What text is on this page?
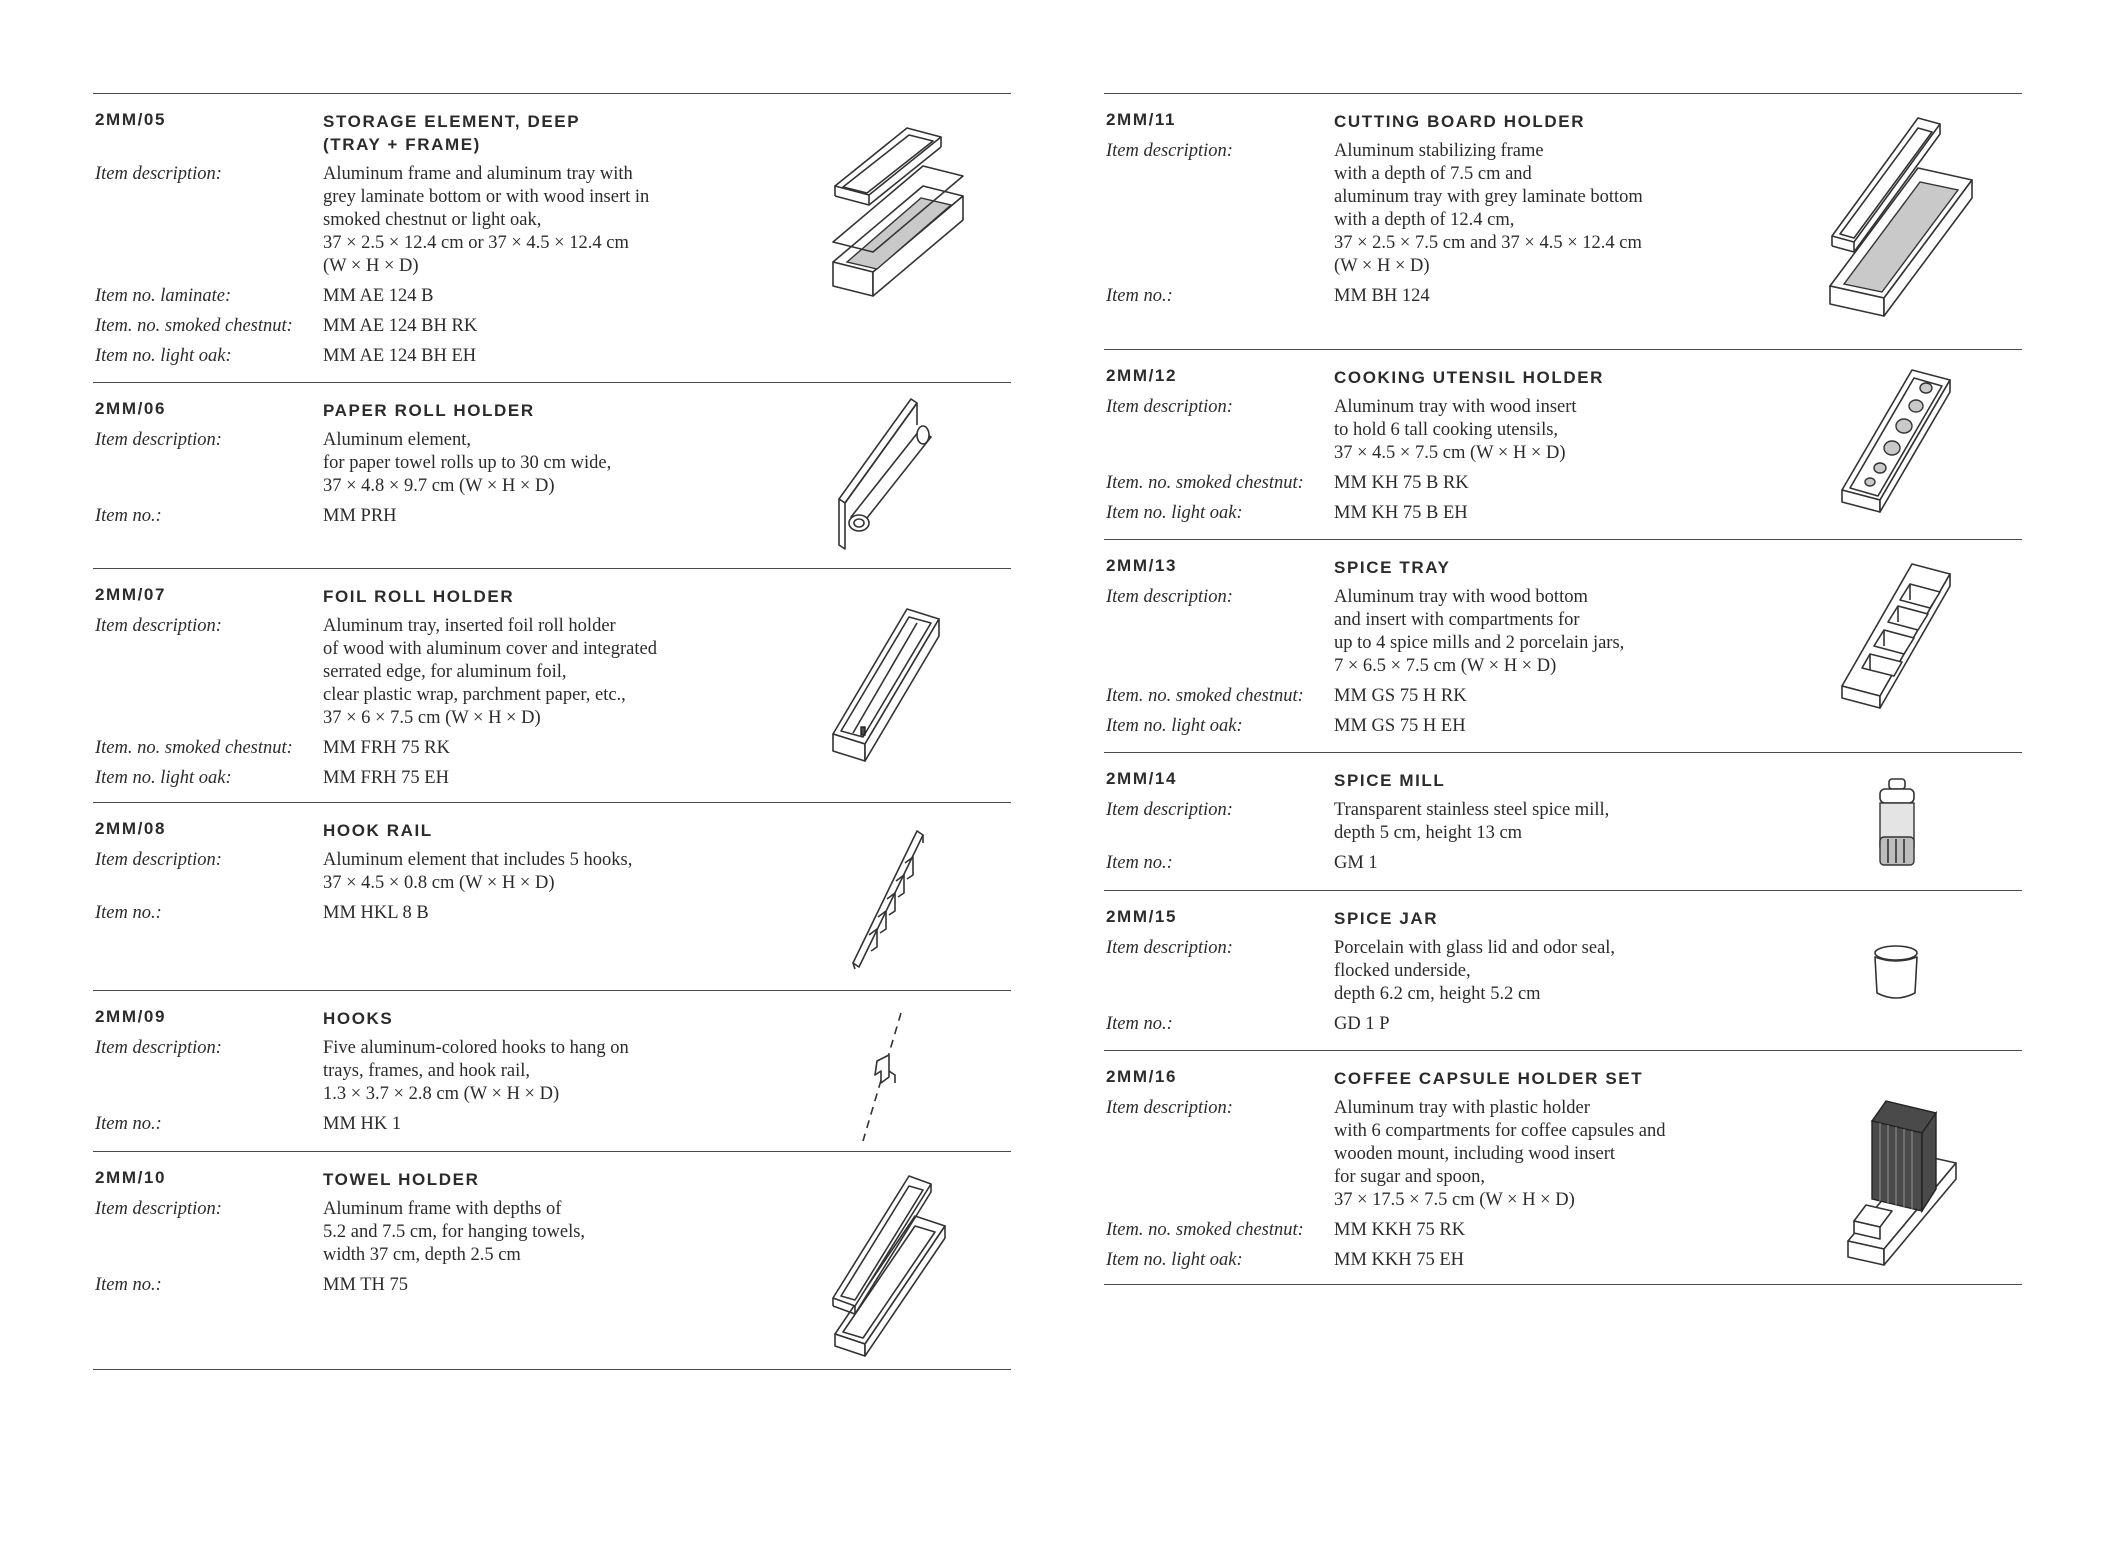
2MM/05	STORAGE ELEMENT, DEEP
(TRAY + FRAME)
Item description:	Aluminum frame and aluminum tray with
grey laminate bottom or with wood insert in
smoked chestnut or light oak,
37 × 2.5 × 12.4 cm or 37 × 4.5 × 12.4 cm
(W × H × D)
Item no. laminate:	MM AE 124 B
Item. no. smoked chestnut: MM AE 124 BH RK
Item no. light oak:	MM AE 124 BH EH
2MM/06	PAPER ROLL HOLDER
Item description:	Aluminum element,
for paper towel rolls up to 30 cm wide,
37 × 4.8 × 9.7 cm (W × H × D)
Item no.:	MM PRH
2MM/07	FOIL ROLL HOLDER
Item description:	Aluminum tray, inserted foil roll holder
of wood with aluminum cover and integrated
serrated edge, for aluminum foil,
clear plastic wrap, parchment paper, etc.,
37 × 6 × 7.5 cm (W × H × D)
Item. no. smoked chestnut: MM FRH 75 RK
Item no. light oak:	MM FRH 75 EH
2MM/08	HOOK RAIL
Item description:	Aluminum element that includes 5 hooks,
37 × 4.5 × 0.8 cm (W × H × D)
Item no.:	MM HKL 8 B
2MM/09	HOOKS
Item description:	Five aluminum-colored hooks to hang on
trays, frames, and hook rail,
1.3 × 3.7 × 2.8 cm (W × H × D)
Item no.:	MM HK 1
2MM/10	TOWEL HOLDER
Item description:	Aluminum frame with depths of
5.2 and 7.5 cm, for hanging towels,
width 37 cm, depth 2.5 cm
Item no.:	MM TH 75
2MM/11	CUTTING BOARD HOLDER
Item description:	Aluminum stabilizing frame
with a depth of 7.5 cm and
aluminum tray with grey laminate bottom
with a depth of 12.4 cm,
37 × 2.5 × 7.5 cm and 37 × 4.5 × 12.4 cm
(W × H × D)
Item no.:	MM BH 124
2MM/12	COOKING UTENSIL HOLDER
Item description:	Aluminum tray with wood insert
to hold 6 tall cooking utensils,
37 × 4.5 × 7.5 cm (W × H × D)
Item. no. smoked chestnut: MM KH 75 B RK
Item no. light oak:	MM KH 75 B EH
2MM/13	SPICE TRAY
Item description:	Aluminum tray with wood bottom
and insert with compartments for
up to 4 spice mills and 2 porcelain jars,
7 × 6.5 × 7.5 cm (W × H × D)
Item. no. smoked chestnut: MM GS 75 H RK
Item no. light oak:	MM GS 75 H EH
2MM/14	SPICE MILL
Item description:	Transparent stainless steel spice mill,
depth 5 cm, height 13 cm
Item no.:	GM 1
2MM/15	SPICE JAR
Item description:	Porcelain with glass lid and odor seal,
flocked underside,
depth 6.2 cm, height 5.2 cm
Item no.:	GD 1 P
2MM/16	COFFEE CAPSULE HOLDER SET
Item description:	Aluminum tray with plastic holder
with 6 compartments for coffee capsules and
wooden mount, including wood insert
for sugar and spoon,
37 × 17.5 × 7.5 cm (W × H × D)
Item. no. smoked chestnut: MM KKH 75 RK
Item no. light oak:	MM KKH 75 EH
